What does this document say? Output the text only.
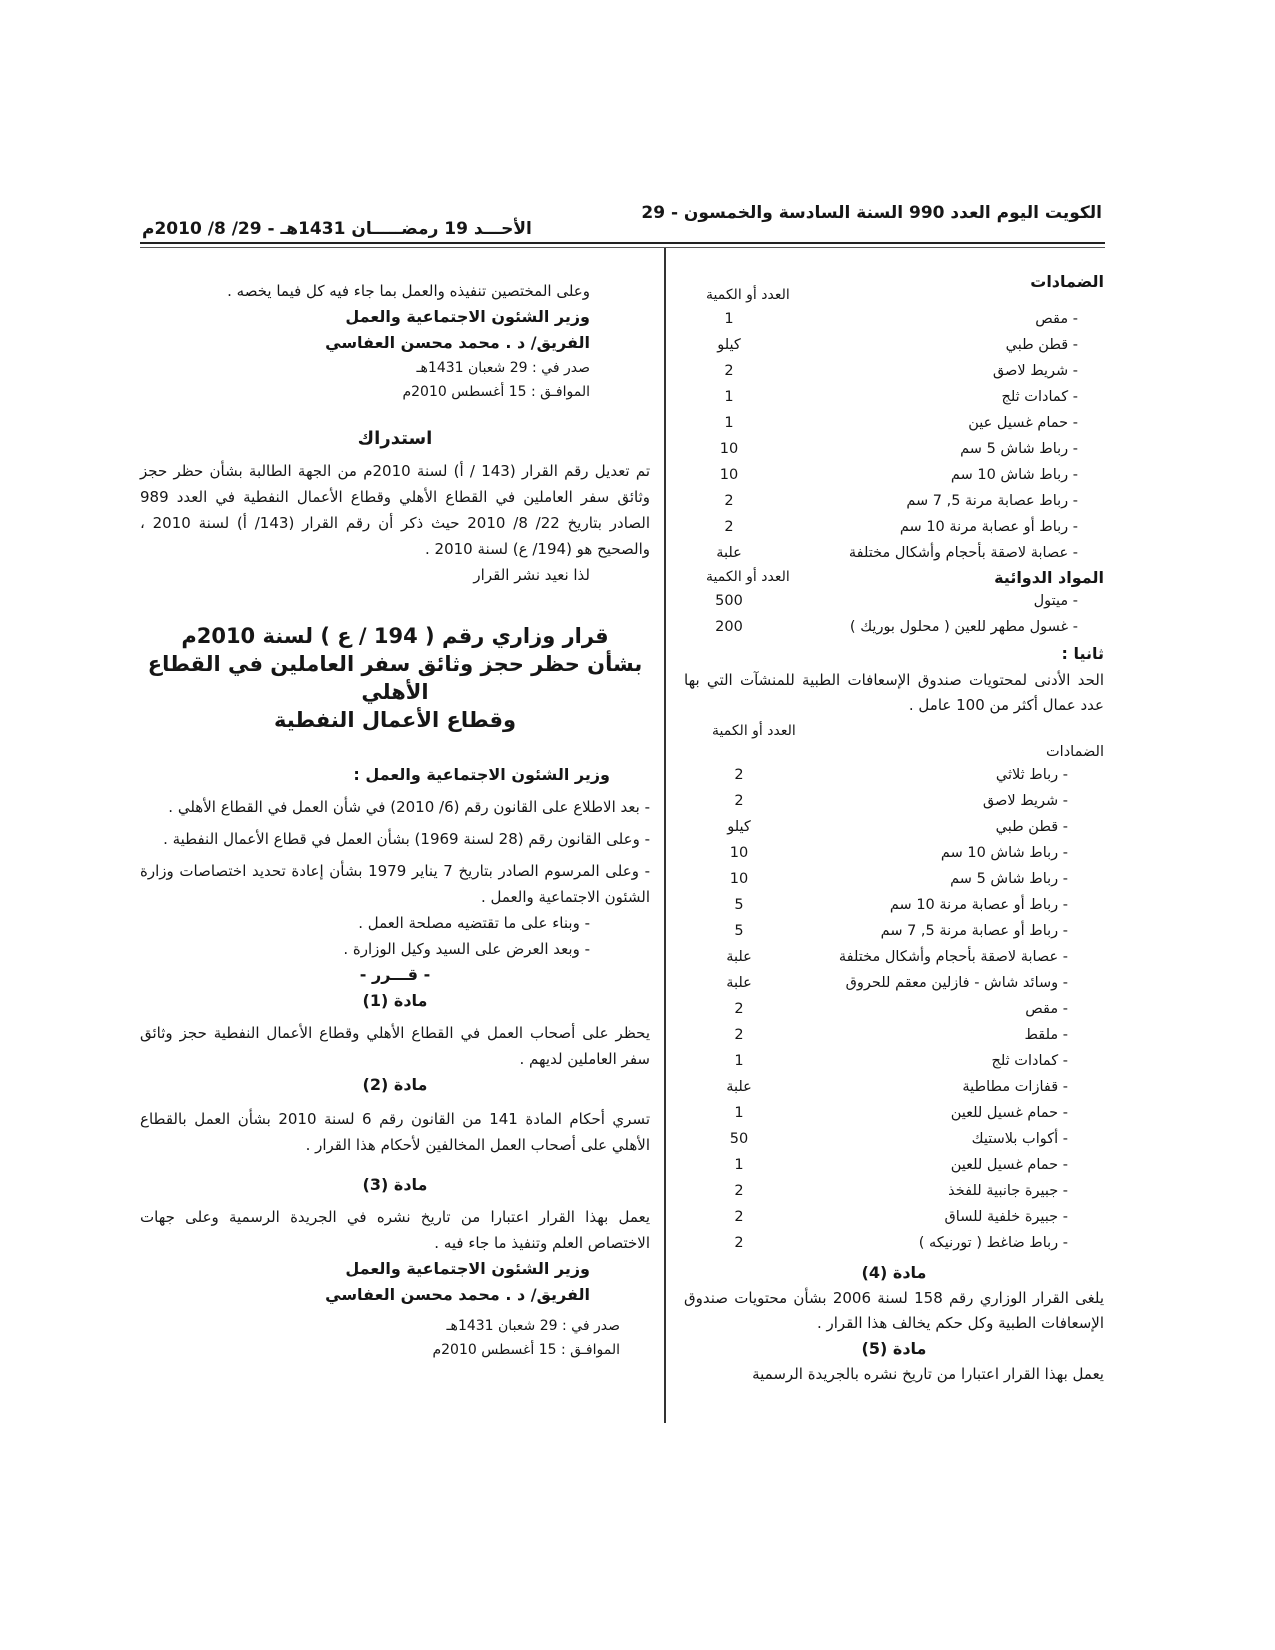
الكويت اليوم العدد 990 السنة السادسة والخمسون - 29
الأحـــد 19 رمضـــــان 1431هـ - 29/ 8/ 2010م
الضمادات
العدد أو الكمية
- مقص
1
- قطن طبي
كيلو
- شريط لاصق
2
- كمادات ثلج
1
- حمام غسيل عين
1
- رباط شاش 5 سم
10
- رباط شاش 10 سم
10
- رباط عصابة مرنة 5, 7 سم
2
- رباط أو عصابة مرنة 10 سم
2
- عصابة لاصقة بأحجام وأشكال مختلفة
علبة
المواد الدوائية
العدد أو الكمية
- ميتول
500
- غسول مطهر للعين ( محلول بوريك )
200
ثانيا :
الحد الأدنى لمحتويات صندوق الإسعافات الطبية للمنشآت التي بها عدد عمال أكثر من 100 عامل .
العدد أو الكمية
الضمادات
- رباط ثلاثي
2
- شريط لاصق
2
- قطن طبي
كيلو
- رباط شاش 10 سم
10
- رباط شاش 5 سم
10
- رباط أو عصابة مرنة 10 سم
5
- رباط أو عصابة مرنة 5, 7 سم
5
- عصابة لاصقة بأحجام وأشكال مختلفة
علبة
- وسائد شاش - فازلين معقم للحروق
علبة
- مقص
2
- ملقط
2
- كمادات ثلج
1
- قفازات مطاطية
علبة
- حمام غسيل للعين
1
- أكواب بلاستيك
50
- حمام غسيل للعين
1
- جبيرة جانبية للفخذ
2
- جبيرة خلفية للساق
2
- رباط ضاغط ( تورنيكه )
2
مادة (4)
يلغى القرار الوزاري رقم 158 لسنة 2006 بشأن محتويات صندوق الإسعافات الطبية وكل حكم يخالف هذا القرار .
مادة (5)
يعمل بهذا القرار اعتبارا من تاريخ نشره بالجريدة الرسمية
وعلى المختصين تنفيذه والعمل بما جاء فيه كل فيما يخصه .
وزير الشئون الاجتماعية والعمل
الفريق/ د . محمد محسن العفاسي
صدر في : 29 شعبان 1431هـ
الموافـق : 15 أغسطس 2010م
استدراك
تم تعديل رقم القرار (143 / أ) لسنة 2010م من الجهة الطالبة بشأن حظر حجز وثائق سفر العاملين في القطاع الأهلي وقطاع الأعمال النفطية في العدد 989 الصادر بتاريخ 22/ 8/ 2010 حيث ذكر أن رقم القرار (143/ أ) لسنة 2010 ، والصحيح هو (194/ ع) لسنة 2010 .
لذا نعيد نشر القرار
قرار وزاري رقم ( 194 / ع ) لسنة 2010م
بشأن حظر حجز وثائق سفر العاملين في القطاع الأهلي
وقطاع الأعمال النفطية
وزير الشئون الاجتماعية والعمل :
- بعد الاطلاع على القانون رقم (6/ 2010) في شأن العمل في القطاع الأهلي .
- وعلى القانون رقم (28 لسنة 1969) بشأن العمل في قطاع الأعمال النفطية .
- وعلى المرسوم الصادر بتاريخ 7 يناير 1979 بشأن إعادة تحديد اختصاصات وزارة الشئون الاجتماعية والعمل .
- وبناء على ما تقتضيه مصلحة العمل .
- وبعد العرض على السيد وكيل الوزارة .
- قـــرر -
مادة (1)
يحظر على أصحاب العمل في القطاع الأهلي وقطاع الأعمال النفطية حجز وثائق سفر العاملين لديهم .
مادة (2)
تسري أحكام المادة 141 من القانون رقم 6 لسنة 2010 بشأن العمل بالقطاع الأهلي على أصحاب العمل المخالفين لأحكام هذا القرار .
مادة (3)
يعمل بهذا القرار اعتبارا من تاريخ نشره في الجريدة الرسمية وعلى جهات الاختصاص العلم وتنفيذ ما جاء فيه .
وزير الشئون الاجتماعية والعمل
الفريق/ د . محمد محسن العفاسي
صدر في : 29 شعبان 1431هـ
الموافـق : 15 أغسطس 2010م
